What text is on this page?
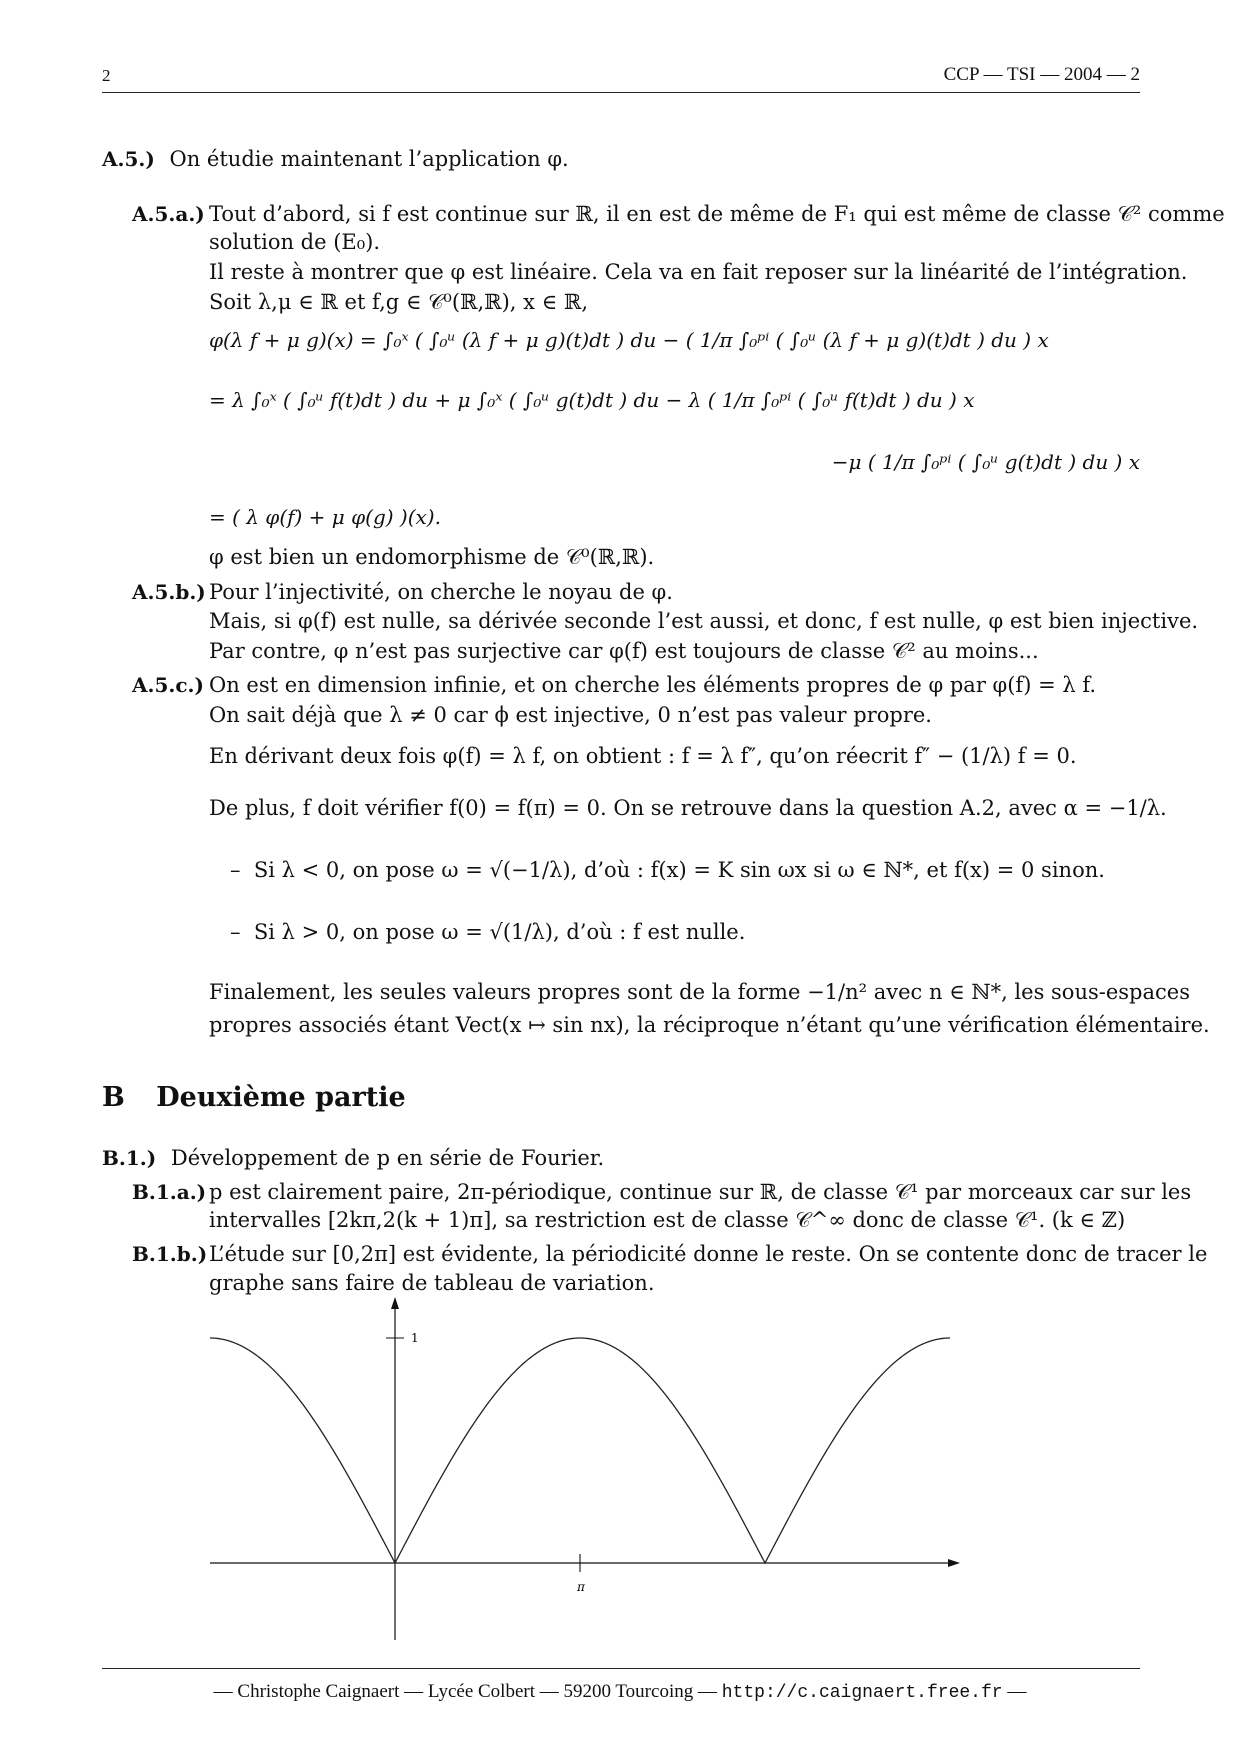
2	CCP — TSI — 2004 — 2
A.5.) On étudie maintenant l’application φ.
A.5.a.) Tout d’abord, si f est continue sur ℝ, il en est de même de F₁ qui est même de classe 𝒞² comme
solution de (E₀).
Il reste à montrer que φ est linéaire. Cela va en fait reposer sur la linéarité de l’intégration.
Soit λ,μ ∈ ℝ et f,g ∈ 𝒞⁰(ℝ,ℝ), x ∈ ℝ,
φ(λ f + μ g)(x) = ∫₀ˣ ( ∫₀ᵘ (λ f + μ g)(t)dt ) du − ( 1/π ∫₀ᵖⁱ ( ∫₀ᵘ (λ f + μ g)(t)dt ) du ) x
= λ ∫₀ˣ ( ∫₀ᵘ f(t)dt ) du + μ ∫₀ˣ ( ∫₀ᵘ g(t)dt ) du − λ ( 1/π ∫₀ᵖⁱ ( ∫₀ᵘ f(t)dt ) du ) x
−μ ( 1/π ∫₀ᵖⁱ ( ∫₀ᵘ g(t)dt ) du ) x
= ( λ φ(f) + μ φ(g) )(x).
φ est bien un endomorphisme de 𝒞⁰(ℝ,ℝ).
A.5.b.) Pour l’injectivité, on cherche le noyau de φ.
Mais, si φ(f) est nulle, sa dérivée seconde l’est aussi, et donc, f est nulle, φ est bien injective.
Par contre, φ n’est pas surjective car φ(f) est toujours de classe 𝒞² au moins...
A.5.c.) On est en dimension infinie, et on cherche les éléments propres de φ par φ(f) = λ f.
On sait déjà que λ ≠ 0 car ϕ est injective, 0 n’est pas valeur propre.
En dérivant deux fois φ(f) = λ f, on obtient : f = λ f″, qu’on réecrit f″ − (1/λ) f = 0.
De plus, f doit vérifier f(0) = f(π) = 0. On se retrouve dans la question A.2, avec α = −1/λ.
–  Si λ < 0, on pose ω = √(−1/λ), d’où : f(x) = K sin ωx si ω ∈ ℕ*, et f(x) = 0 sinon.
–  Si λ > 0, on pose ω = √(1/λ), d’où : f est nulle.
Finalement, les seules valeurs propres sont de la forme −1/n² avec n ∈ ℕ*, les sous-espaces
propres associés étant Vect(x ↦ sin nx), la réciproque n’étant qu’une vérification élémentaire.
B Deuxième partie
B.1.) Développement de p en série de Fourier.
B.1.a.) p est clairement paire, 2π-périodique, continue sur ℝ, de classe 𝒞¹ par morceaux car sur les
intervalles [2kπ,2(k + 1)π], sa restriction est de classe 𝒞^∞ donc de classe 𝒞¹. (k ∈ ℤ)
B.1.b.) L’étude sur [0,2π] est évidente, la périodicité donne le reste. On se contente donc de tracer le
graphe sans faire de tableau de variation.
π
1
— Christophe Caignaert — Lycée Colbert — 59200 Tourcoing — http://c.caignaert.free.fr —
